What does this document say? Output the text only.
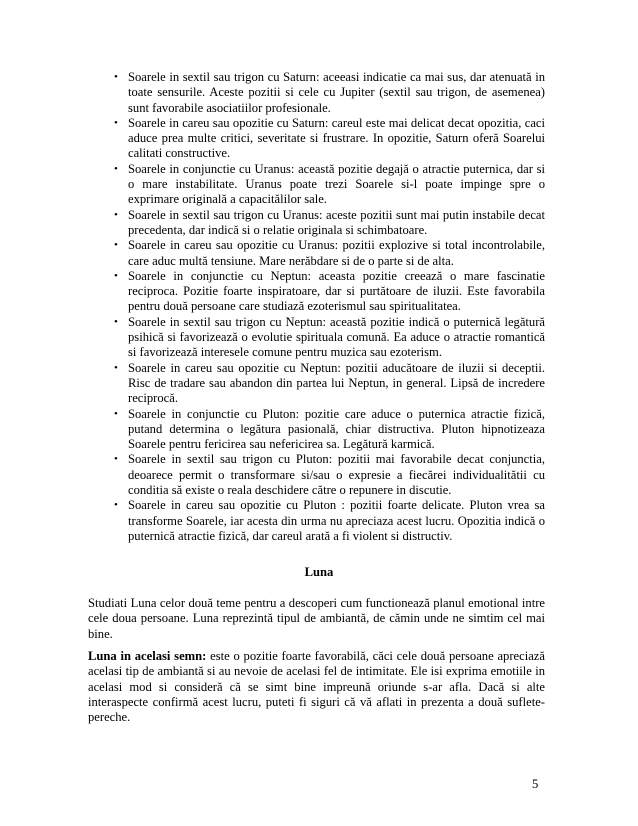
• Soarele in sextil sau trigon cu Saturn: aceeasi indicatie ca mai sus, dar atenuată in toate sensurile. Aceste pozitii si cele cu Jupiter (sextil sau trigon, de asemenea) sunt favorabile asociatiilor profesionale.
• Soarele in careu sau opozitie cu Saturn: careul este mai delicat decat opozitia, caci aduce prea multe critici, severitate si frustrare. In opozitie, Saturn oferă Soarelui calitati constructive.
• Soarele in conjunctie cu Uranus: această pozitie degajă o atractie puternica, dar si o mare instabilitate. Uranus poate trezi Soarele si-l poate impinge spre o exprimare originală a capacitălilor sale.
• Soarele in sextil sau trigon cu Uranus: aceste pozitii sunt mai putin instabile decat precedenta, dar indică si o relatie originala si schimbatoare.
• Soarele in careu sau opozitie cu Uranus: pozitii explozive si total incontrolabile, care aduc multă tensiune. Mare nerăbdare si de o parte si de alta.
• Soarele in conjunctie cu Neptun: aceasta pozitie creează o mare fascinatie reciproca. Pozitie foarte inspiratoare, dar si purtătoare de iluzii. Este favorabila pentru două persoane care studiază ezoterismul sau spiritualitatea.
• Soarele in sextil sau trigon cu Neptun: această pozitie indică o puternică legătură psihică si favorizează o evolutie spirituala comună. Ea aduce o atractie romantică si favorizează interesele comune pentru muzica sau ezoterism.
• Soarele in careu sau opozitie cu Neptun: pozitii aducătoare de iluzii si deceptii. Risc de tradare sau abandon din partea lui Neptun, in general. Lipsă de incredere reciprocă.
• Soarele in conjunctie cu Pluton: pozitie care aduce o puternica atractie fizică, putand determina o legătura pasională, chiar distructiva. Pluton hipnotizeaza Soarele pentru fericirea sau nefericirea sa. Legătură karmică.
• Soarele in sextil sau trigon cu Pluton: pozitii mai favorabile decat conjunctia, deoarece permit o transformare si/sau o expresie a fiecărei individualitătii cu conditia să existe o reala deschidere către o repunere in discutie.
• Soarele in careu sau opozitie cu Pluton : pozitii foarte delicate. Pluton vrea sa transforme Soarele, iar acesta din urma nu apreciaza acest lucru. Opozitia indică o puternică atractie fizică, dar careul arată a fi violent si distructiv.
Luna

Studiati Luna celor două teme pentru a descoperi cum functionează planul emotional intre cele doua persoane. Luna reprezintă tipul de ambiantă, de cămin unde ne simtim cel mai bine.

Luna in acelasi semn: este o pozitie foarte favorabilă, căci cele două persoane apreciază acelasi tip de ambiantă si au nevoie de acelasi fel de intimitate. Ele isi exprima emotiile in acelasi mod si consideră că se simt bine impreună oriunde s-ar afla. Dacă si alte interaspecte confirmă acest lucru, puteti fi siguri că vă aflati in prezenta a două suflete-pereche.

5
